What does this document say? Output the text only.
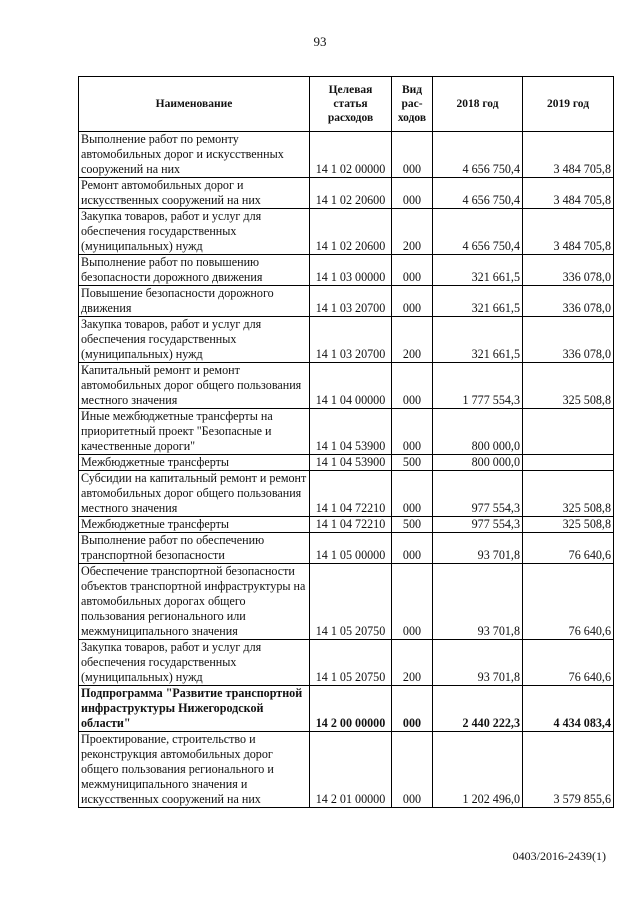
93
Наименование	Целевая статья расходов	Вид рас-ходов	2018 год	2019 год
Выполнение работ по ремонту автомобильных дорог и искусственных сооружений на них	14 1 02 00000	000	4 656 750,4	3 484 705,8
Ремонт автомобильных дорог и искусственных сооружений на них	14 1 02 20600	000	4 656 750,4	3 484 705,8
Закупка товаров, работ и услуг для обеспечения государственных (муниципальных) нужд	14 1 02 20600	200	4 656 750,4	3 484 705,8
Выполнение работ по повышению безопасности дорожного движения	14 1 03 00000	000	321 661,5	336 078,0
Повышение безопасности дорожного движения	14 1 03 20700	000	321 661,5	336 078,0
Закупка товаров, работ и услуг для обеспечения государственных (муниципальных) нужд	14 1 03 20700	200	321 661,5	336 078,0
Капитальный ремонт и ремонт автомобильных дорог общего пользования местного значения	14 1 04 00000	000	1 777 554,3	325 508,8
Иные межбюджетные трансферты на приоритетный проект "Безопасные и качественные дороги"	14 1 04 53900	000	800 000,0	
Межбюджетные трансферты	14 1 04 53900	500	800 000,0	
Субсидии на капитальный ремонт и ремонт автомобильных дорог общего пользования местного значения	14 1 04 72210	000	977 554,3	325 508,8
Межбюджетные трансферты	14 1 04 72210	500	977 554,3	325 508,8
Выполнение работ по обеспечению транспортной безопасности	14 1 05 00000	000	93 701,8	76 640,6
Обеспечение транспортной безопасности объектов транспортной инфраструктуры на автомобильных дорогах общего пользования регионального или межмуниципального значения	14 1 05 20750	000	93 701,8	76 640,6
Закупка товаров, работ и услуг для обеспечения государственных (муниципальных) нужд	14 1 05 20750	200	93 701,8	76 640,6
Подпрограмма "Развитие транспортной инфраструктуры Нижегородской области"	14 2 00 00000	000	2 440 222,3	4 434 083,4
Проектирование, строительство и реконструкция автомобильных дорог общего пользования регионального и межмуниципального значения и искусственных сооружений на них	14 2 01 00000	000	1 202 496,0	3 579 855,6
0403/2016-2439(1)
